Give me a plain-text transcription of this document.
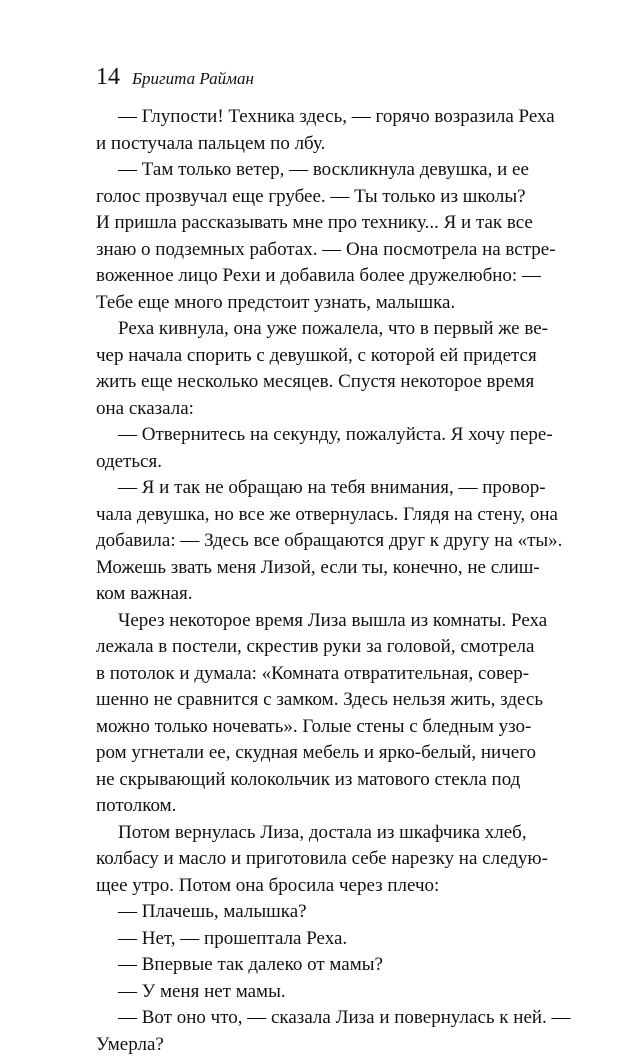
14 Бригита Райман
— Глупости! Техника здесь, — горячо возразила Реха
и постучала пальцем по лбу.
— Там только ветер, — воскликнула девушка, и ее
голос прозвучал еще грубее. — Ты только из школы?
И пришла рассказывать мне про технику... Я и так все
знаю о подземных работах. — Она посмотрела на встре-
воженное лицо Рехи и добавила более дружелюбно: —
Тебе еще много предстоит узнать, малышка.
Реха кивнула, она уже пожалела, что в первый же ве-
чер начала спорить с девушкой, с которой ей придется
жить еще несколько месяцев. Спустя некоторое время
она сказала:
— Отвернитесь на секунду, пожалуйста. Я хочу пере-
одеться.
— Я и так не обращаю на тебя внимания, — провор-
чала девушка, но все же отвернулась. Глядя на стену, она
добавила: — Здесь все обращаются друг к другу на «ты».
Можешь звать меня Лизой, если ты, конечно, не слиш-
ком важная.
Через некоторое время Лиза вышла из комнаты. Реха
лежала в постели, скрестив руки за головой, смотрела
в потолок и думала: «Комната отвратительная, совер-
шенно не сравнится с замком. Здесь нельзя жить, здесь
можно только ночевать». Голые стены с бледным узо-
ром угнетали ее, скудная мебель и ярко-белый, ничего
не скрывающий колокольчик из матового стекла под
потолком.
Потом вернулась Лиза, достала из шкафчика хлеб,
колбасу и масло и приготовила себе нарезку на следую-
щее утро. Потом она бросила через плечо:
— Плачешь, малышка?
— Нет, — прошептала Реха.
— Впервые так далеко от мамы?
— У меня нет мамы.
— Вот оно что, — сказала Лиза и повернулась к ней. —
Умерла?
